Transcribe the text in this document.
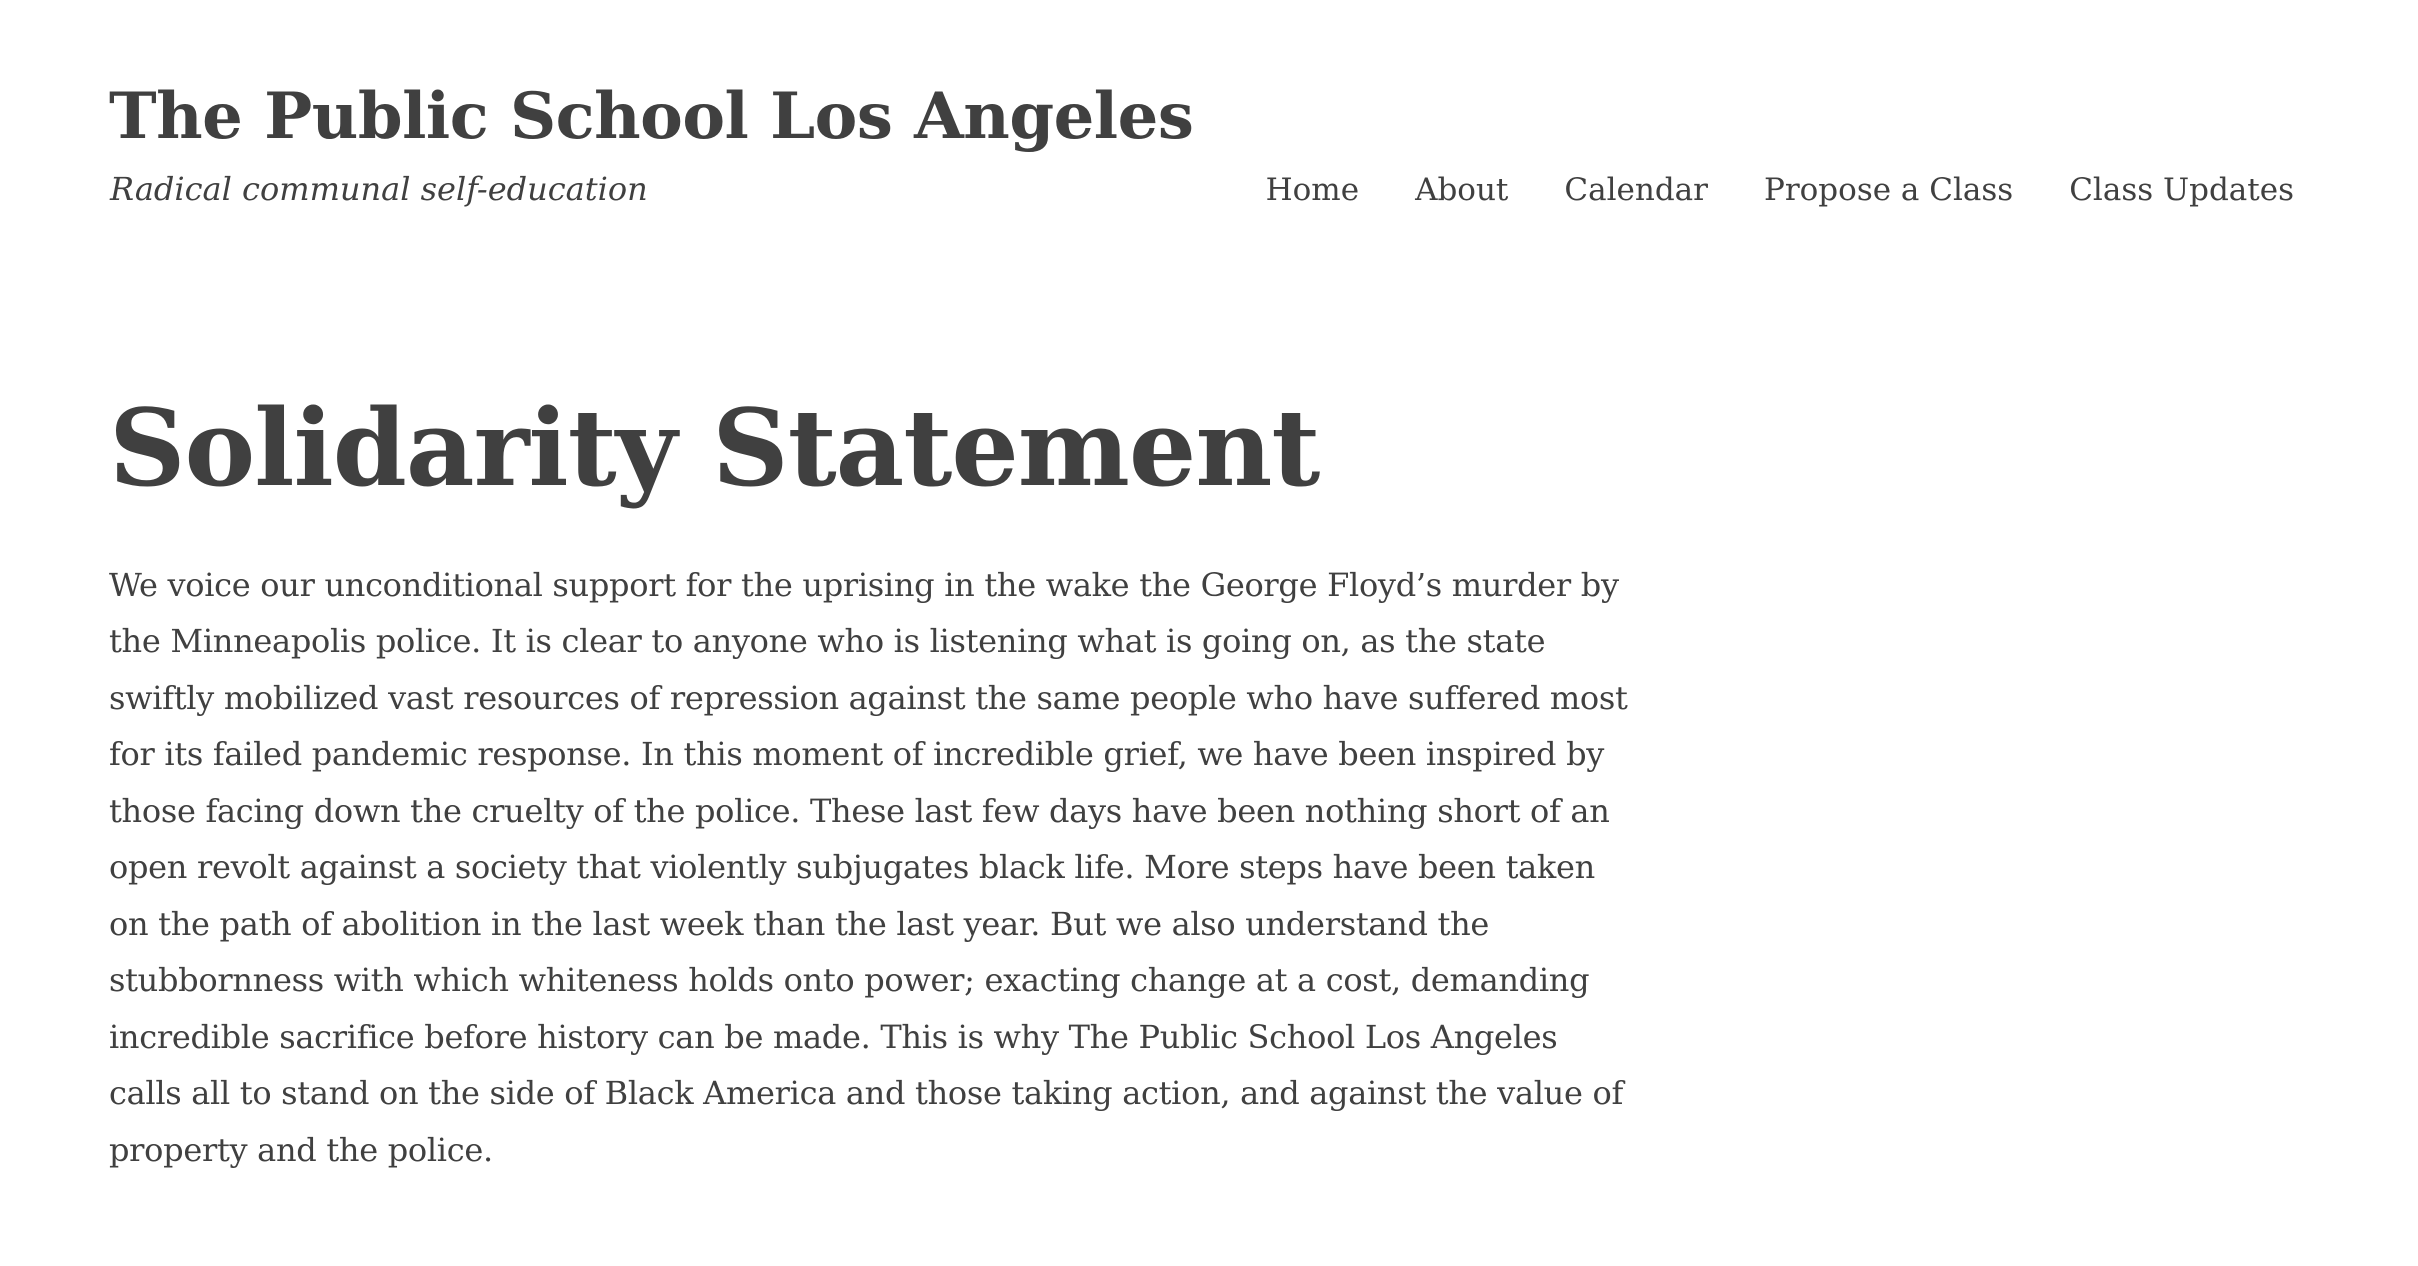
The Public School Los Angeles

Radical communal self-education	Home About Calendar Propose a Class Class Updates
Solidarity Statement

We voice our unconditional support for the uprising in the wake the George Floyd’s murder by the Minneapolis police. It is clear to anyone who is listening what is going on, as the state swiftly mobilized vast resources of repression against the same people who have suffered most for its failed pandemic response. In this moment of incredible grief, we have been inspired by those facing down the cruelty of the police. These last few days have been nothing short of an open revolt against a society that violently subjugates black life. More steps have been taken on the path of abolition in the last week than the last year. But we also understand the stubbornness with which whiteness holds onto power; exacting change at a cost, demanding incredible sacrifice before history can be made. This is why The Public School Los Angeles calls all to stand on the side of Black America and those taking action, and against the value of property and the police.
